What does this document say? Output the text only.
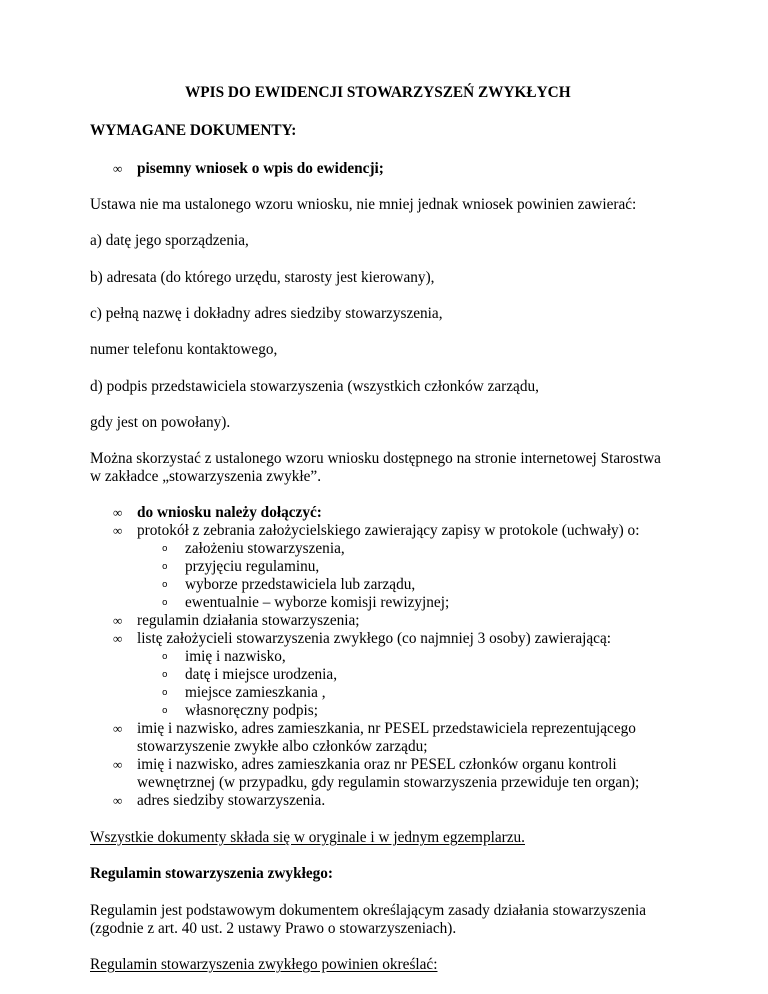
WPIS DO EWIDENCJI STOWARZYSZEŃ ZWYKŁYCH
WYMAGANE DOKUMENTY:
∞ pisemny wniosek o wpis do ewidencji;
Ustawa nie ma ustalonego wzoru wniosku, nie mniej jednak wniosek powinien zawierać:
a) datę jego sporządzenia,
b) adresata (do którego urzędu, starosty jest kierowany),
c) pełną nazwę i dokładny adres siedziby stowarzyszenia,
numer telefonu kontaktowego,
d) podpis przedstawiciela stowarzyszenia (wszystkich członków zarządu,
gdy jest on powołany).
Można skorzystać z ustalonego wzoru wniosku dostępnego na stronie internetowej Starostwa
w zakładce „stowarzyszenia zwykłe”.
∞ do wniosku należy dołączyć:
∞ protokół z zebrania założycielskiego zawierający zapisy w protokole (uchwały) o:
o założeniu stowarzyszenia,
o przyjęciu regulaminu,
o wyborze przedstawiciela lub zarządu,
o ewentualnie – wyborze komisji rewizyjnej;
∞ regulamin działania stowarzyszenia;
∞ listę założycieli stowarzyszenia zwykłego (co najmniej 3 osoby) zawierającą:
o imię i nazwisko,
o datę i miejsce urodzenia,
o miejsce zamieszkania ,
o własnoręczny podpis;
∞ imię i nazwisko, adres zamieszkania, nr PESEL przedstawiciela reprezentującego
stowarzyszenie zwykłe albo członków zarządu;
∞ imię i nazwisko, adres zamieszkania oraz nr PESEL członków organu kontroli
wewnętrznej (w przypadku, gdy regulamin stowarzyszenia przewiduje ten organ);
∞ adres siedziby stowarzyszenia.
Wszystkie dokumenty składa się w oryginale i w jednym egzemplarzu.
Regulamin stowarzyszenia zwykłego:
Regulamin jest podstawowym dokumentem określającym zasady działania stowarzyszenia
(zgodnie z art. 40 ust. 2 ustawy Prawo o stowarzyszeniach).
Regulamin stowarzyszenia zwykłego powinien określać:
